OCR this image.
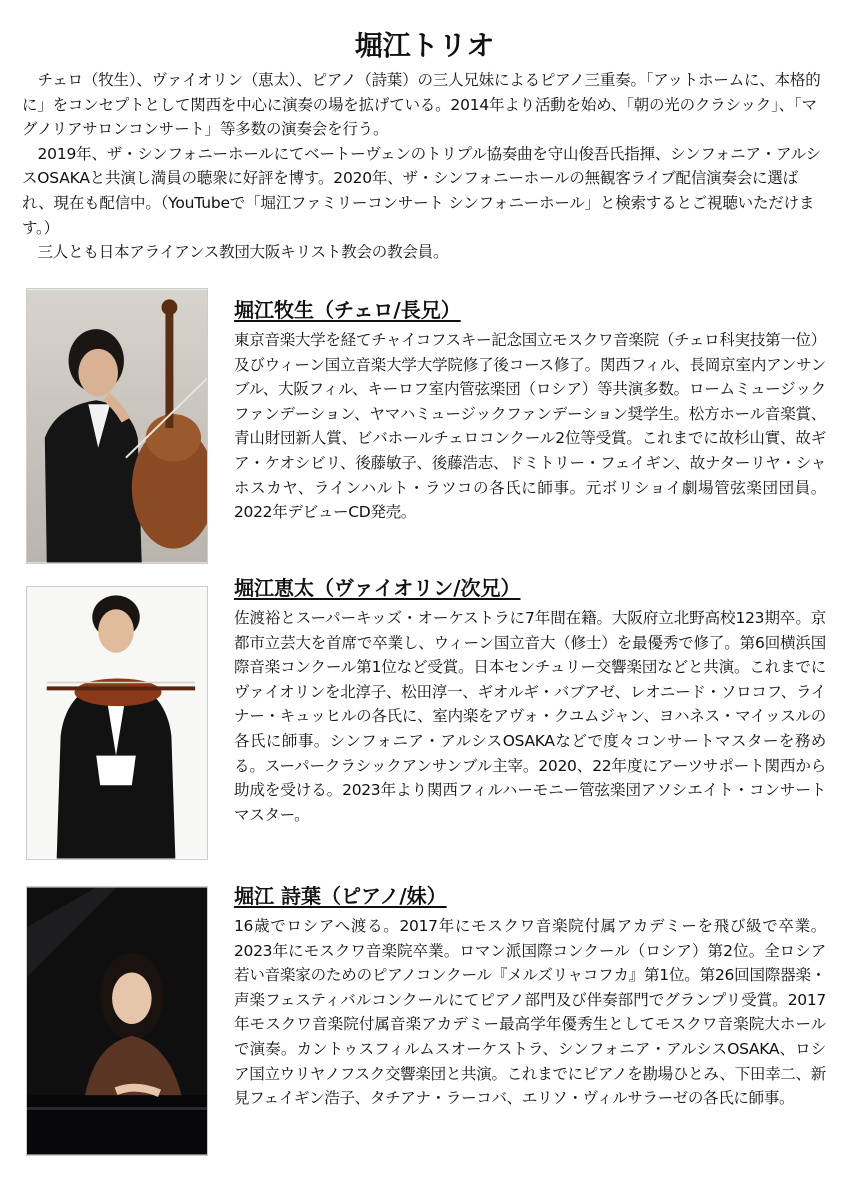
堀江トリオ

チェロ（牧生）、ヴァイオリン（恵太）、ピアノ（詩葉）の三人兄妹によるピアノ三重奏。「アットホームに、本格的に」をコンセプトとして関西を中心に演奏の場を拡げている。2014年より活動を始め、「朝の光のクラシック」、「マグノリアサロンコンサート」等多数の演奏会を行う。

2019年、ザ・シンフォニーホールにてベートーヴェンのトリプル協奏曲を守山俊吾氏指揮、シンフォニア・アルシスOSAKAと共演し満員の聴衆に好評を博す。2020年、ザ・シンフォニーホールの無観客ライブ配信演奏会に選ばれ、現在も配信中。（YouTubeで「堀江ファミリーコンサート シンフォニーホール」と検索するとご視聴いただけます。）

三人とも日本アライアンス教団大阪キリスト教会の教会員。

堀江牧生（チェロ/長兄）

東京音楽大学を経てチャイコフスキー記念国立モスクワ音楽院（チェロ科実技第一位）及びウィーン国立音楽大学大学院修了後コース修了。関西フィル、長岡京室内アンサンブル、大阪フィル、キーロフ室内管弦楽団（ロシア）等共演多数。ロームミュージックファンデーション、ヤマハミュージックファンデーション奨学生。松方ホール音楽賞、青山財団新人賞、ビバホールチェロコンクール2位等受賞。これまでに故杉山實、故ギア・ケオシビリ、後藤敏子、後藤浩志、ドミトリー・フェイギン、故ナターリヤ・シャホスカヤ、ラインハルト・ラツコの各氏に師事。元ボリショイ劇場管弦楽団団員。2022年デビューCD発売。

堀江恵太（ヴァイオリン/次兄）

佐渡裕とスーパーキッズ・オーケストラに7年間在籍。大阪府立北野高校123期卒。京都市立芸大を首席で卒業し、ウィーン国立音大（修士）を最優秀で修了。第6回横浜国際音楽コンクール第1位など受賞。日本センチュリー交響楽団などと共演。これまでにヴァイオリンを北淳子、松田淳一、ギオルギ・バブアゼ、レオニード・ソロコフ、ライナー・キュッヒルの各氏に、室内楽をアヴォ・クユムジャン、ヨハネス・マイッスルの各氏に師事。シンフォニア・アルシスOSAKAなどで度々コンサートマスターを務める。スーパークラシックアンサンブル主宰。2020、22年度にアーツサポート関西から助成を受ける。2023年より関西フィルハーモニー管弦楽団アソシエイト・コンサートマスター。

堀江 詩葉（ピアノ/妹）

16歳でロシアへ渡る。2017年にモスクワ音楽院付属アカデミーを飛び級で卒業。2023年にモスクワ音楽院卒業。ロマン派国際コンクール（ロシア）第2位。全ロシア若い音楽家のためのピアノコンクール『メルズリャコフカ』第1位。第26回国際器楽・声楽フェスティバルコンクールにてピアノ部門及び伴奏部門でグランプリ受賞。2017年モスクワ音楽院付属音楽アカデミー最高学年優秀生としてモスクワ音楽院大ホールで演奏。カントゥスフィルムスオーケストラ、シンフォニア・アルシスOSAKA、ロシア国立ウリヤノフスク交響楽団と共演。これまでにピアノを勘場ひとみ、下田幸二、新見フェイギン浩子、タチアナ・ラーコバ、エリソ・ヴィルサラーゼの各氏に師事。
